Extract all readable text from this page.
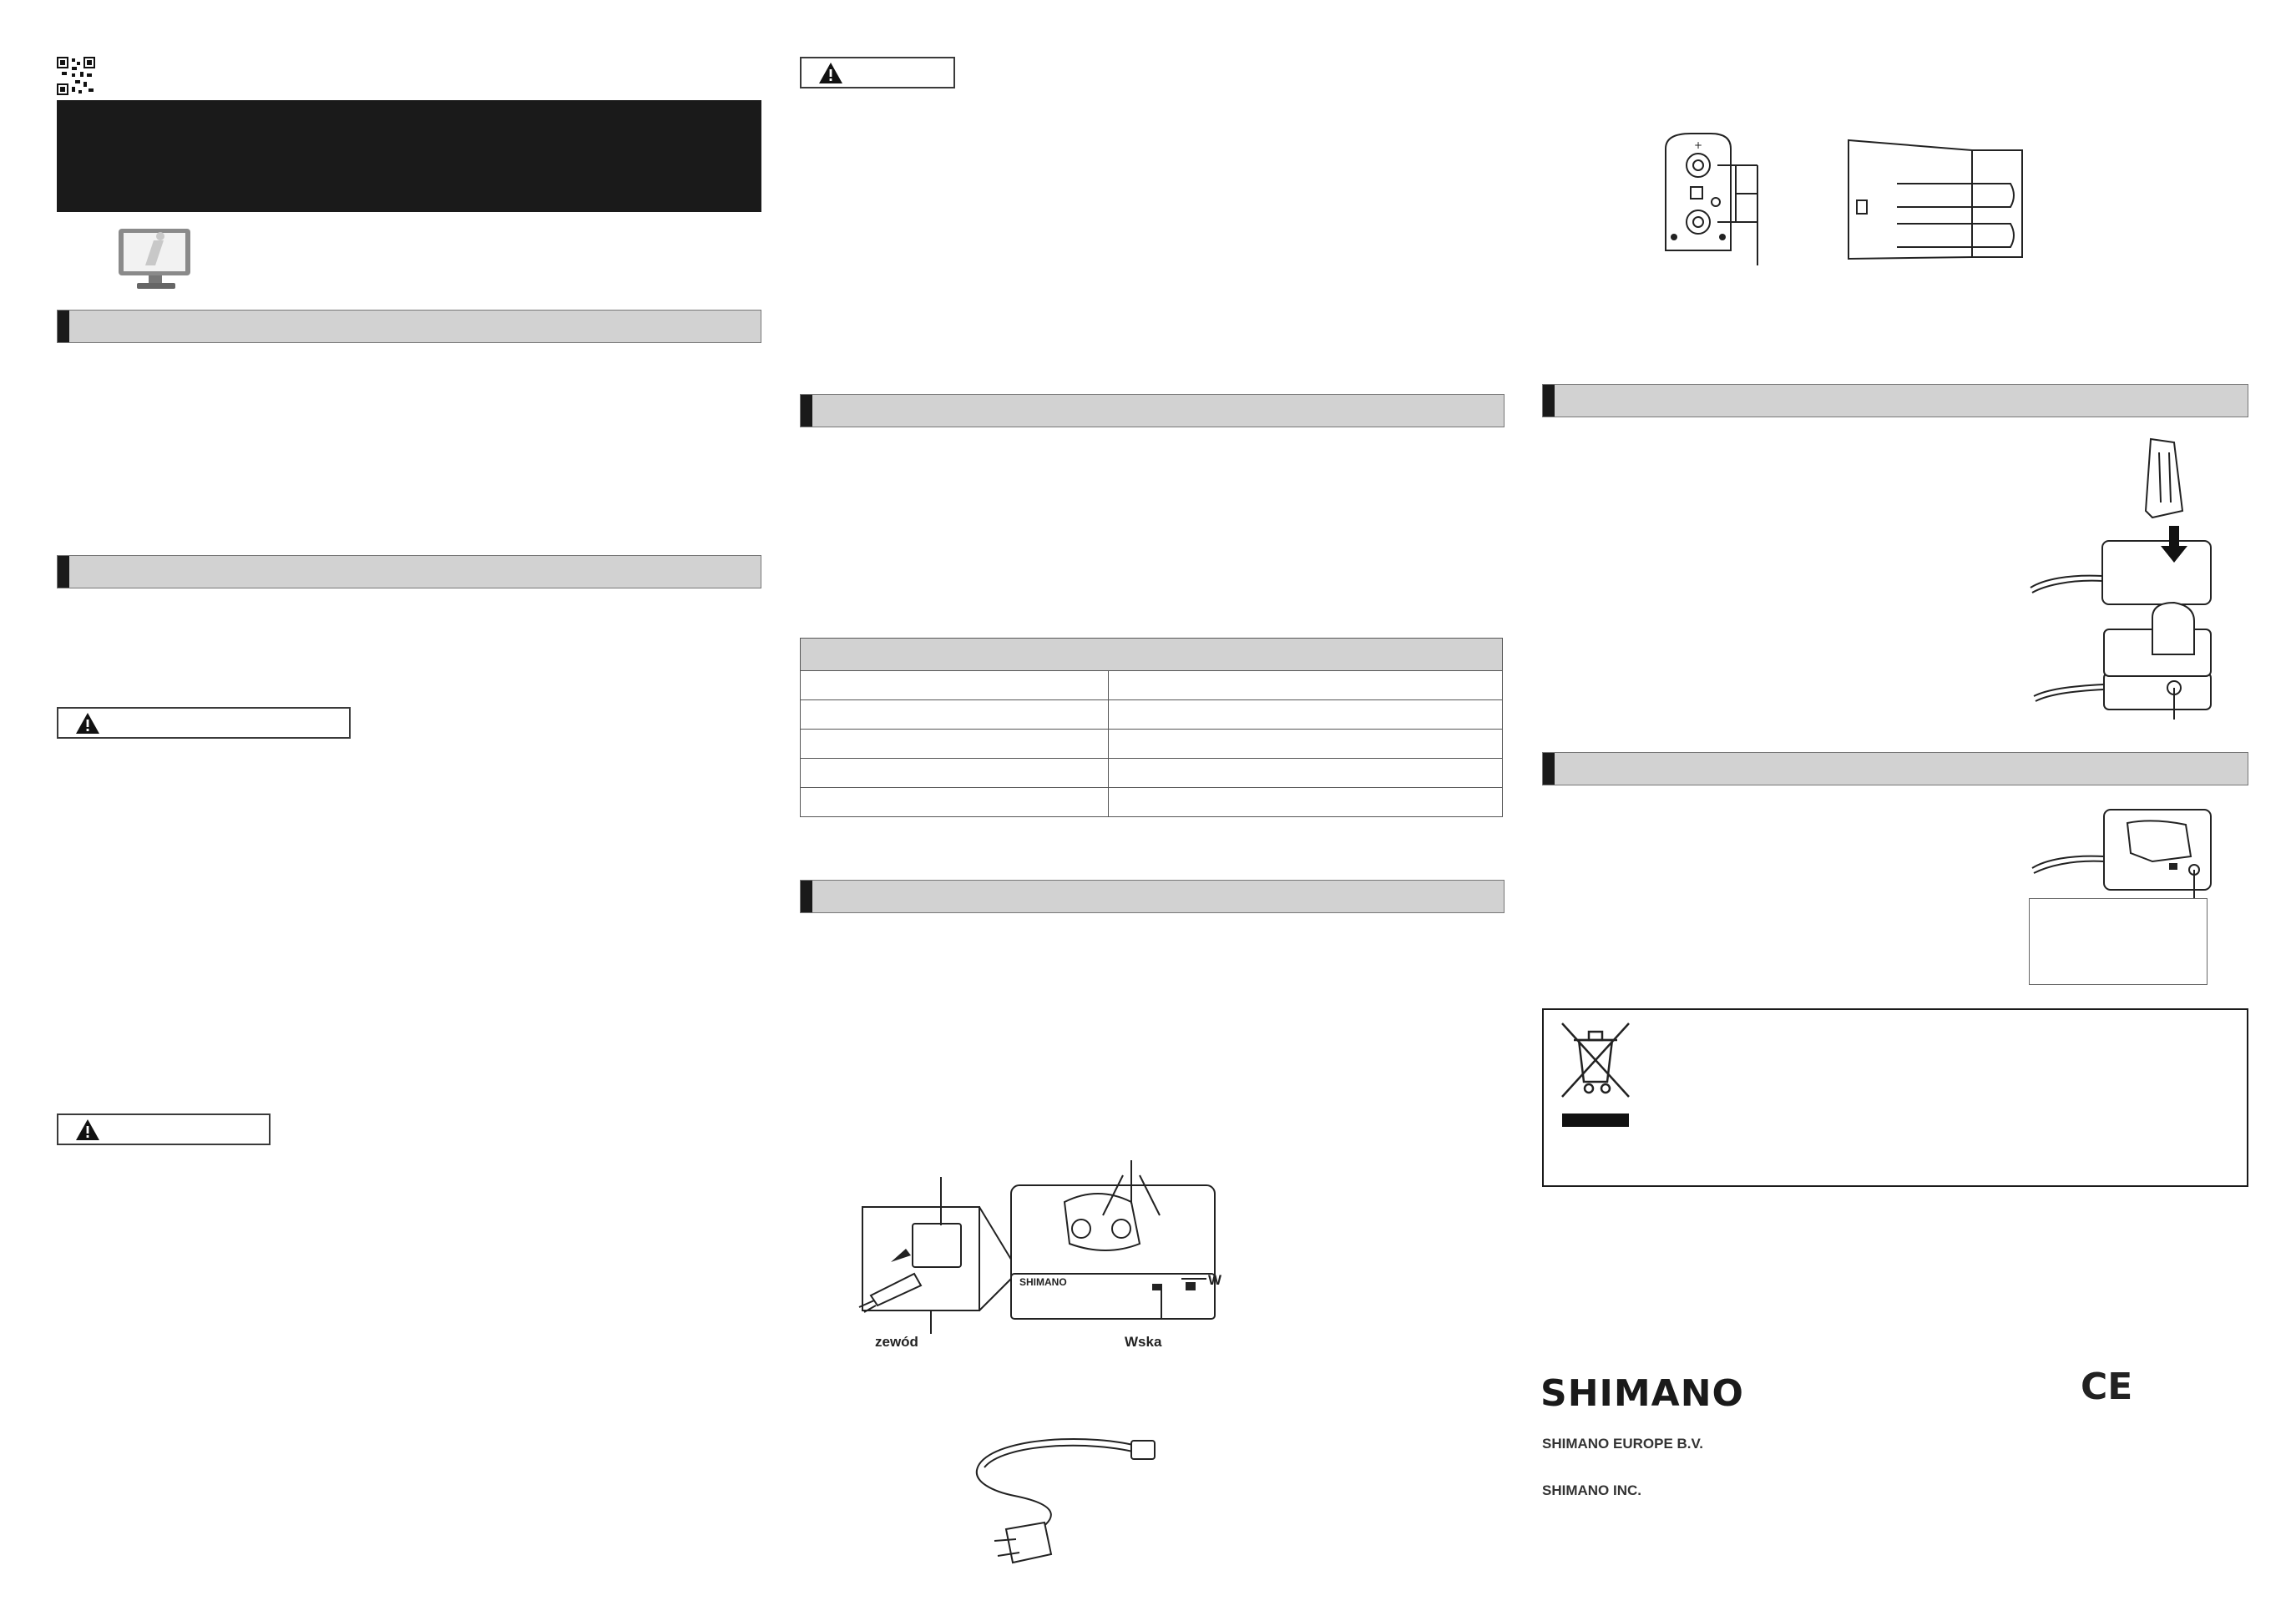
SHIMANO
zewód	Wska
W
+
SHIMANO	CE
SHIMANO EUROPE B.V.
SHIMANO INC.
